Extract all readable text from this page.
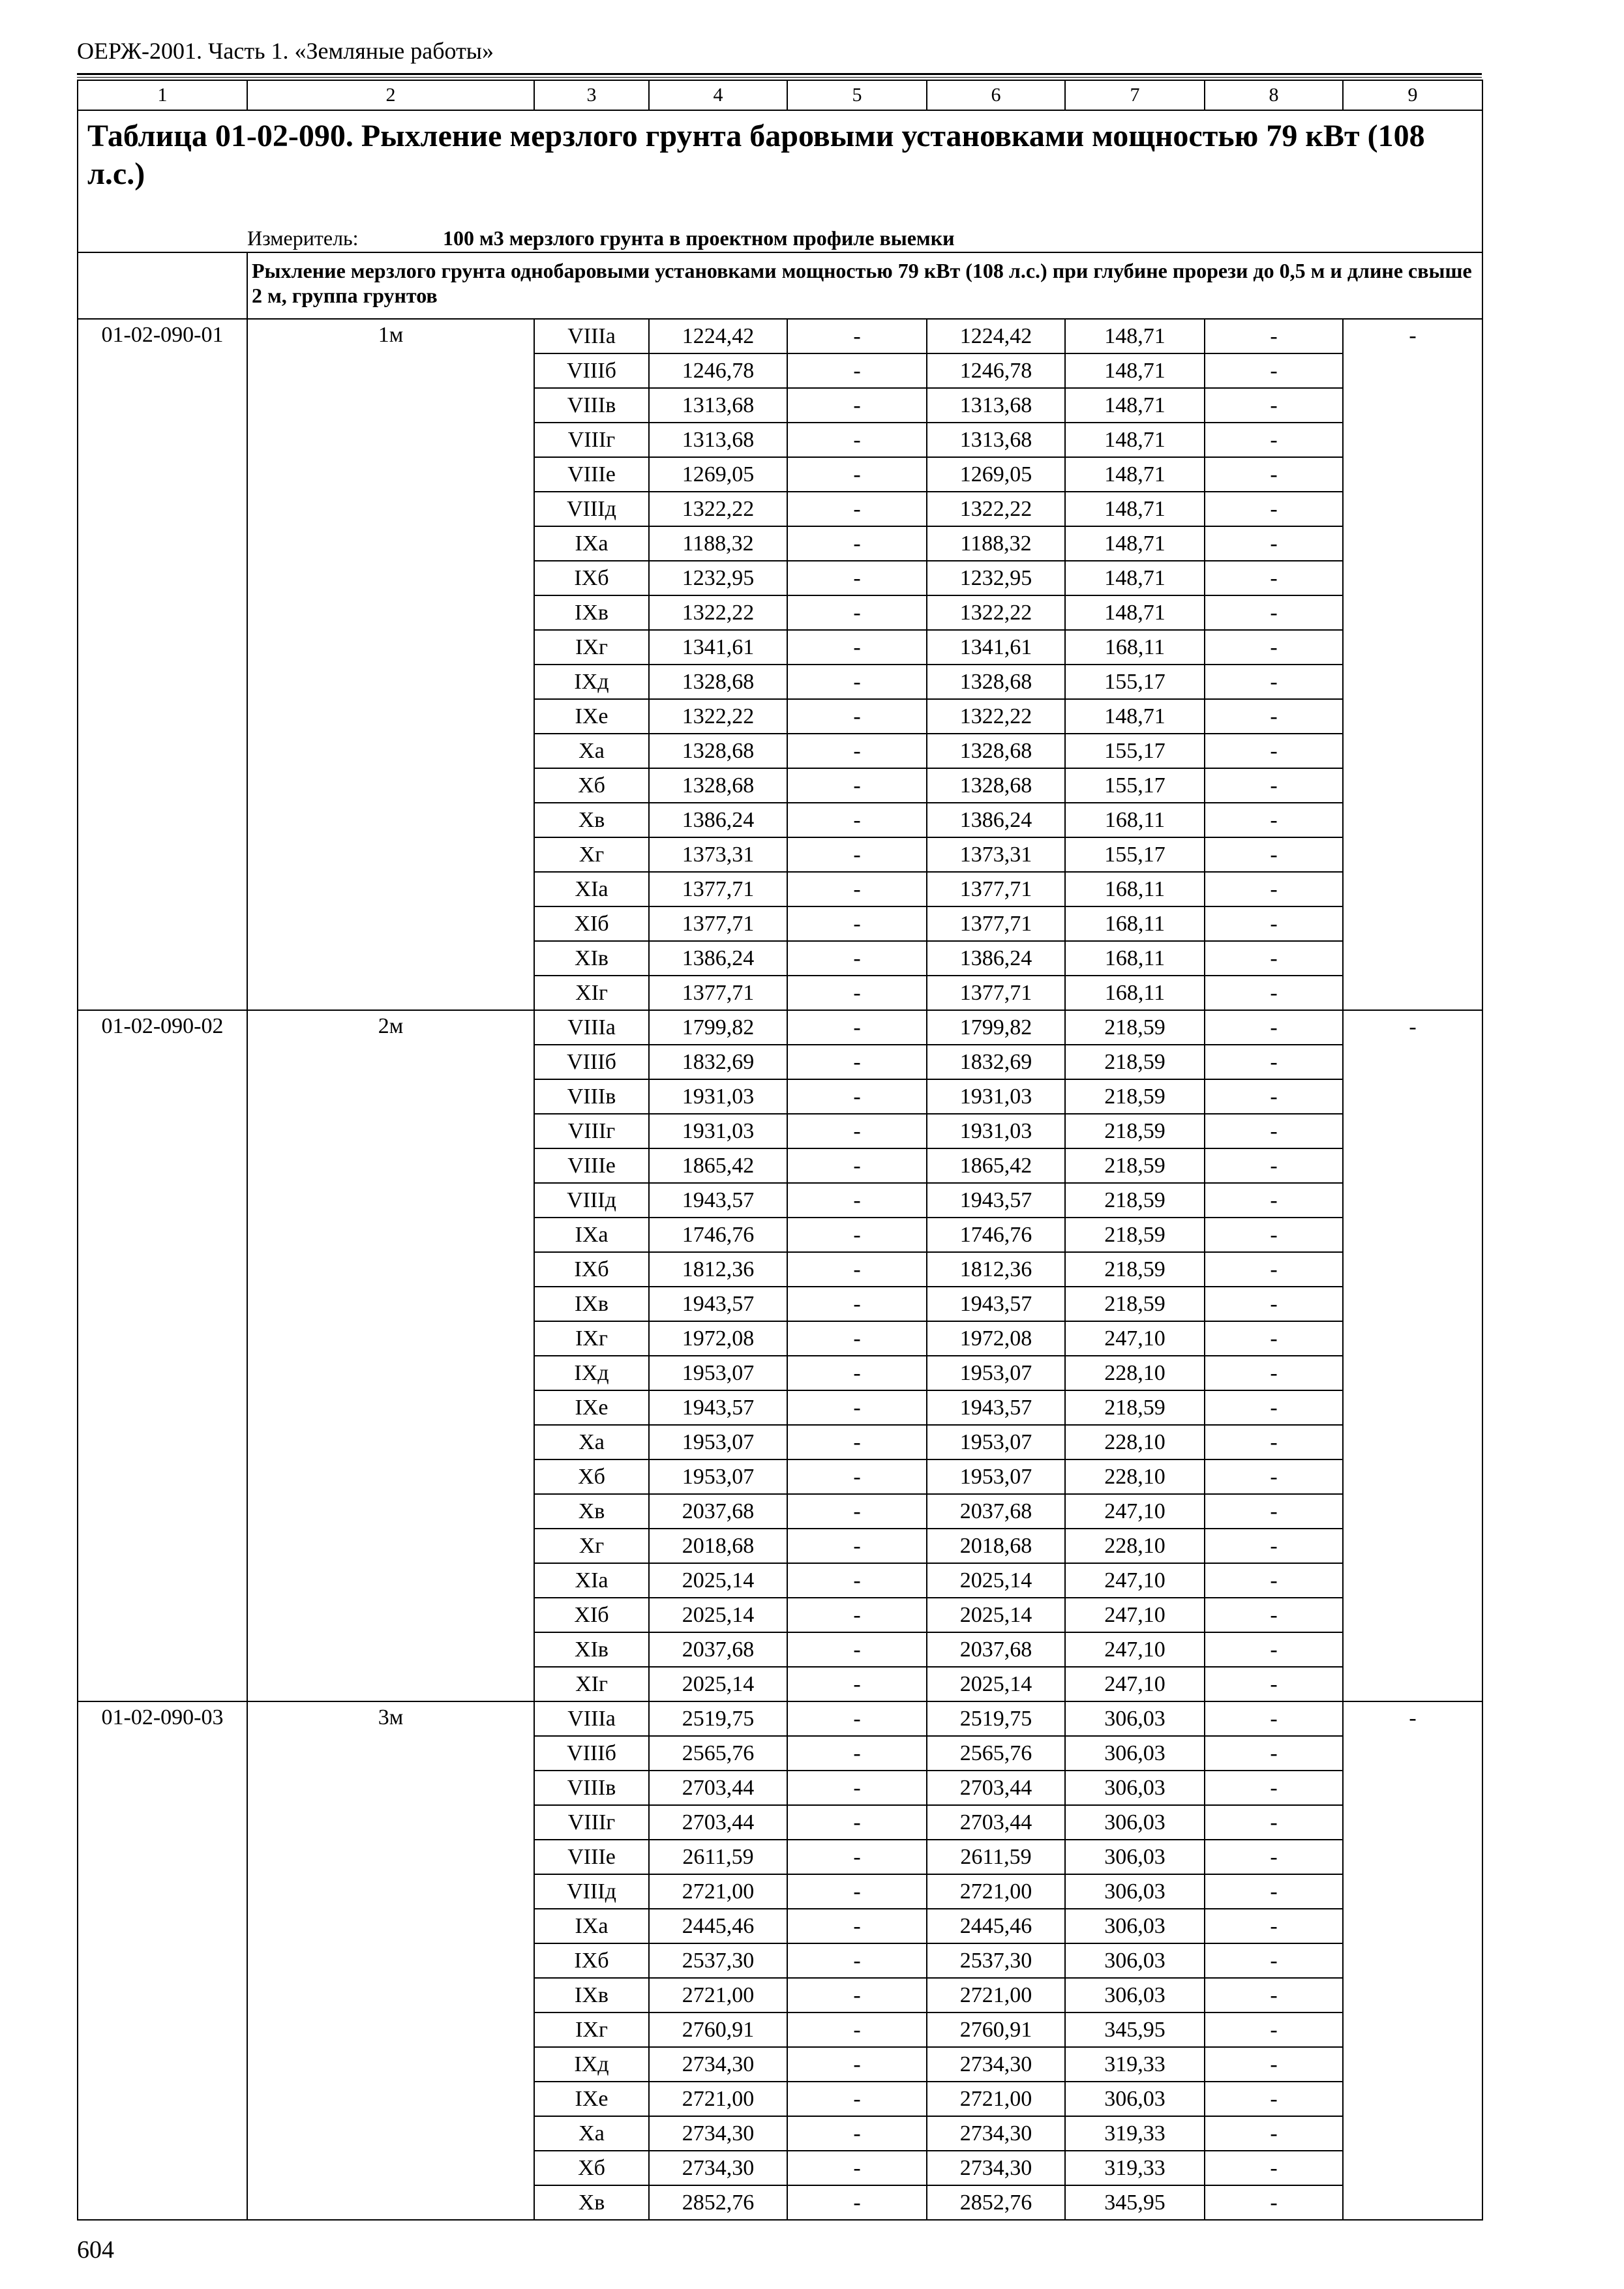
ОЕРЖ-2001. Часть 1. «Земляные работы»
1	2	3	4	5	6	7	8	9

Таблица 01-02-090. Рыхление мерзлого грунта баровыми установками мощностью 79 кВт (108 л.с.)								

	Измеритель: 100 м3 мерзлого грунта в проектном профиле выемки							

	Рыхление мерзлого грунта однобаровыми установками мощностью 79 кВт (108 л.с.) при глубине прорези до 0,5 м и длине свыше 2 м, группа грунтов							

01-02-090-01	1м	VIIIа	1224,42	-	1224,42	148,71	-	-
		VIIIб	1246,78	-	1246,78	148,71	-	
		VIIIв	1313,68	-	1313,68	148,71	-	
		VIIIг	1313,68	-	1313,68	148,71	-	
		VIIIе	1269,05	-	1269,05	148,71	-	
		VIIIд	1322,22	-	1322,22	148,71	-	
		IXа	1188,32	-	1188,32	148,71	-	
		IXб	1232,95	-	1232,95	148,71	-	
		IXв	1322,22	-	1322,22	148,71	-	
		IXг	1341,61	-	1341,61	168,11	-	
		IXд	1328,68	-	1328,68	155,17	-	
		IXе	1322,22	-	1322,22	148,71	-	
		Xа	1328,68	-	1328,68	155,17	-	
		Xб	1328,68	-	1328,68	155,17	-	
		Xв	1386,24	-	1386,24	168,11	-	
		Xг	1373,31	-	1373,31	155,17	-	
		XIа	1377,71	-	1377,71	168,11	-	
		XIб	1377,71	-	1377,71	168,11	-	
		XIв	1386,24	-	1386,24	168,11	-	
		XIг	1377,71	-	1377,71	168,11	-	
01-02-090-02	2м	VIIIа	1799,82	-	1799,82	218,59	-	-
		VIIIб	1832,69	-	1832,69	218,59	-	
		VIIIв	1931,03	-	1931,03	218,59	-	
		VIIIг	1931,03	-	1931,03	218,59	-	
		VIIIе	1865,42	-	1865,42	218,59	-	
		VIIIд	1943,57	-	1943,57	218,59	-	
		IXа	1746,76	-	1746,76	218,59	-	
		IXб	1812,36	-	1812,36	218,59	-	
		IXв	1943,57	-	1943,57	218,59	-	
		IXг	1972,08	-	1972,08	247,10	-	
		IXд	1953,07	-	1953,07	228,10	-	
		IXе	1943,57	-	1943,57	218,59	-	
		Xа	1953,07	-	1953,07	228,10	-	
		Xб	1953,07	-	1953,07	228,10	-	
		Xв	2037,68	-	2037,68	247,10	-	
		Xг	2018,68	-	2018,68	228,10	-	
		XIа	2025,14	-	2025,14	247,10	-	
		XIб	2025,14	-	2025,14	247,10	-	
		XIв	2037,68	-	2037,68	247,10	-	
		XIг	2025,14	-	2025,14	247,10	-	
01-02-090-03	3м	VIIIа	2519,75	-	2519,75	306,03	-	-
		VIIIб	2565,76	-	2565,76	306,03	-	
		VIIIв	2703,44	-	2703,44	306,03	-	
		VIIIг	2703,44	-	2703,44	306,03	-	
		VIIIе	2611,59	-	2611,59	306,03	-	
		VIIIд	2721,00	-	2721,00	306,03	-	
		IXа	2445,46	-	2445,46	306,03	-	
		IXб	2537,30	-	2537,30	306,03	-	
		IXв	2721,00	-	2721,00	306,03	-	
		IXг	2760,91	-	2760,91	345,95	-	
		IXд	2734,30	-	2734,30	319,33	-	
		IXе	2721,00	-	2721,00	306,03	-	
		Xа	2734,30	-	2734,30	319,33	-	
		Xб	2734,30	-	2734,30	319,33	-	
		Xв	2852,76	-	2852,76	345,95	-	
604
